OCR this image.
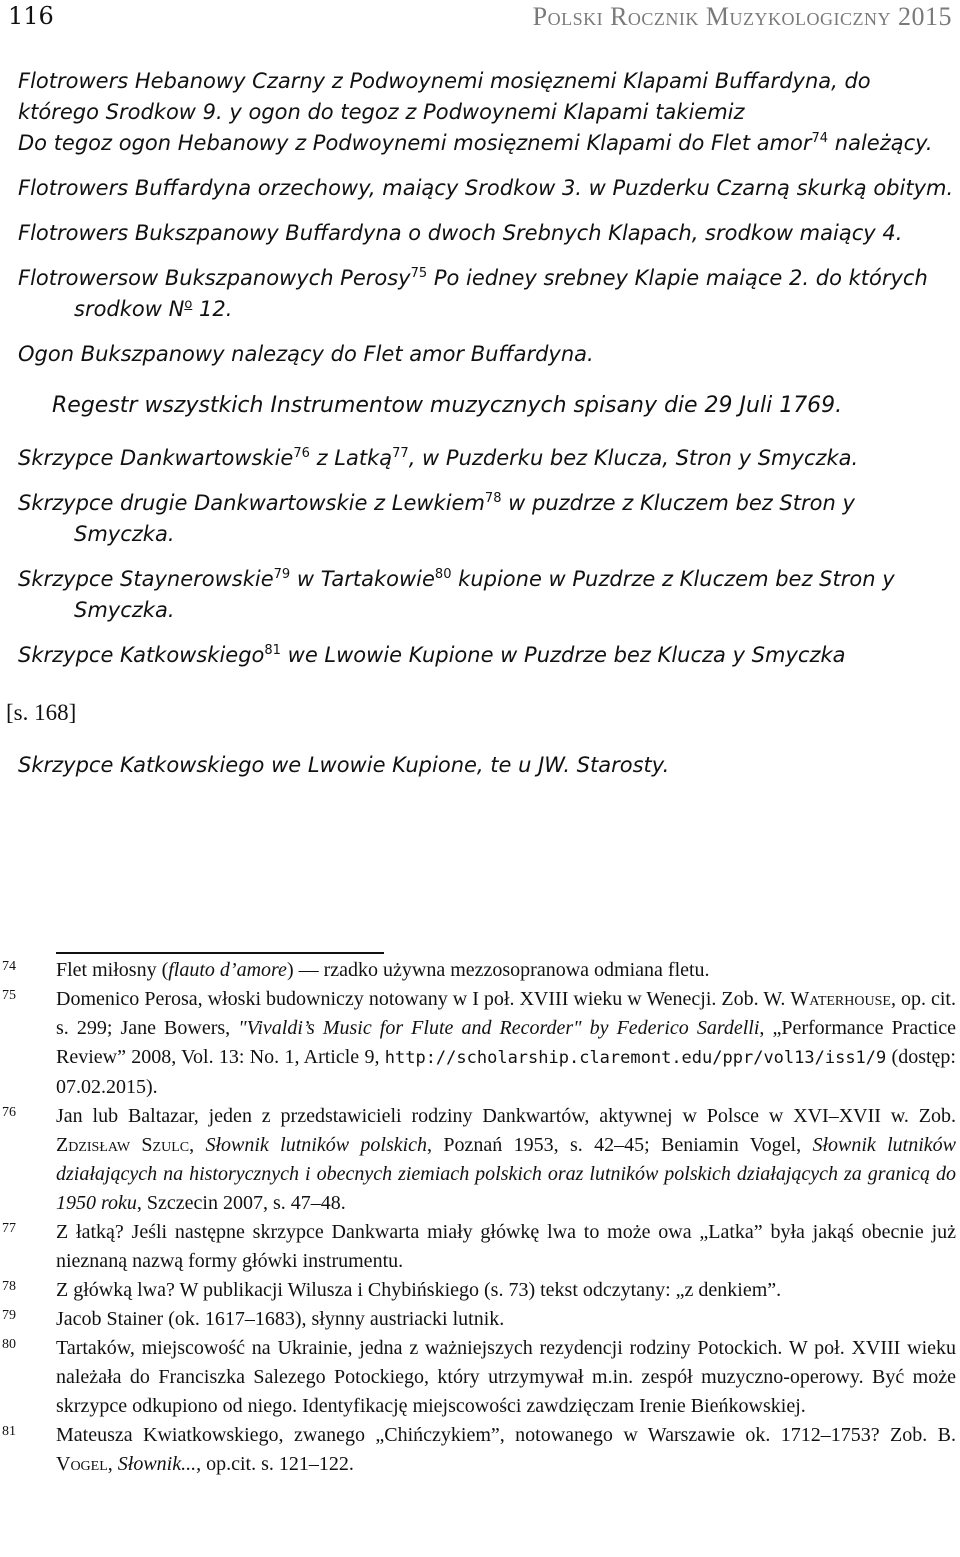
116	Polski Rocznik Muzykologiczny 2015

Flotrowers Hebanowy Czarny z Podwoynemi mosięznemi Klapami Buffardyna, do którego Srodkow 9. y ogon do tegoz z Podwoynemi Klapami takiemiz

Do tegoz ogon Hebanowy z Podwoynemi mosięznemi Klapami do Flet amor$^{74}$ należący.

Flotrowers Buffardyna orzechowy, maiący Srodkow 3. w Puzderku Czarną skurką obitym.

Flotrowers Bukszpanowy Buffardyna o dwoch Srebnych Klapach, srodkow maiący 4.

Flotrowersow Bukszpanowych Perosy$^{75}$ Po iedney srebney Klapie maiące 2. do których srodkow $N^o$ 12.

Ogon Bukszpanowy nalezący do Flet amor Buffardyna.

Regestr wszystkich Instrumentow muzycznych spisany die 29 Juli 1769.

Skrzypce Dankwartowskie$^{76}$ z Latką$^{77}$, w Puzderku bez Klucza, Stron y Smyczka.

Skrzypce drugie Dankwartowskie z Lewkiem$^{78}$ w puzdrze z Kluczem bez Stron y Smyczka.

Skrzypce Staynerowskie$^{79}$ w Tartakowie$^{80}$ kupione w Puzdrze z Kluczem bez Stron y Smyczka.

Skrzypce Katkowskiego$^{81}$ we Lwowie Kupione w Puzdrze bez Klucza y Smyczka

[s. 168]

Skrzypce Katkowskiego we Lwowie Kupione, te u JW. Starosty.

74 Flet miłosny (flauto d’amore) — rzadko używna mezzosopranowa odmiana fletu.
75 Domenico Perosa, włoski budowniczy notowany w I poł. XVIII wieku w Wenecji. Zob. W. Waterhouse, op. cit. s. 299; Jane Bowers, "Vivaldi’s Music for Flute and Recorder" by Federico Sardelli, „Performance Practice Review” 2008, Vol. 13: No. 1, Article 9, http://scholarship.claremont.edu/ppr/vol13/iss1/9 (dostęp: 07.02.2015).
76 Jan lub Baltazar, jeden z przedstawicieli rodziny Dankwartów, aktywnej w Polsce w XVI–XVII w. Zob. Zdzisław Szulc, Słownik lutników polskich, Poznań 1953, s. 42–45; Beniamin Vogel, Słownik lutników działających na historycznych i obecnych ziemiach polskich oraz lutników polskich działających za granicą do 1950 roku, Szczecin 2007, s. 47–48.
77 Z łatką? Jeśli następne skrzypce Dankwarta miały główkę lwa to może owa „Latka” była jakąś obecnie już nieznaną nazwą formy główki instrumentu.
78 Z główką lwa? W publikacji Wilusza i Chybińskiego (s. 73) tekst odczytany: „z denkiem”.
79 Jacob Stainer (ok. 1617–1683), słynny austriacki lutnik.
80 Tartaków, miejscowość na Ukrainie, jedna z ważniejszych rezydencji rodziny Potockich. W poł. XVIII wieku należała do Franciszka Salezego Potockiego, który utrzymywał m.in. zespół muzyczno-operowy. Być może skrzypce odkupiono od niego. Identyfikację miejscowości zawdzięczam Irenie Bieńkowskiej.
81 Mateusza Kwiatkowskiego, zwanego „Chińczykiem”, notowanego w Warszawie ok. 1712–1753? Zob. B. Vogel, Słownik..., op.cit. s. 121–122.
